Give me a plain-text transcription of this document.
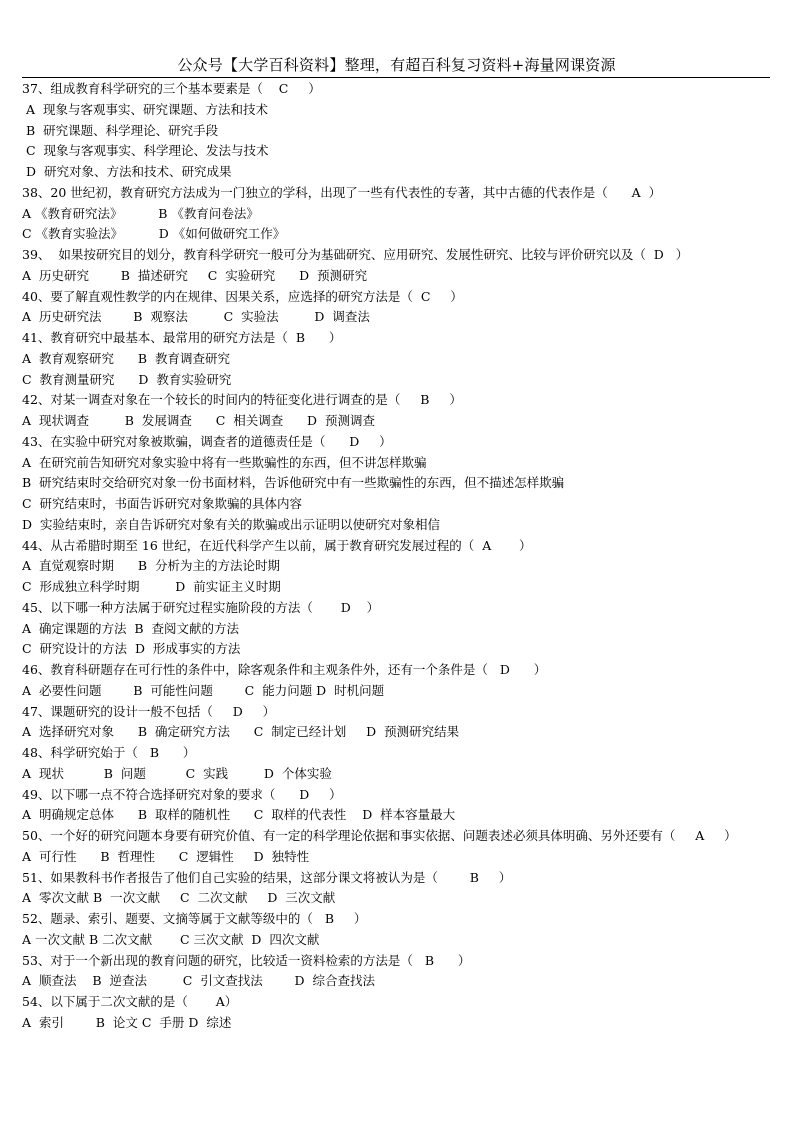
公众号【大学百科资料】整理，有超百科复习资料+海量网课资源
37、组成教育科学研究的三个基本要素是（    C     ）
A  现象与客观事实、研究课题、方法和技术
B  研究课题、科学理论、研究手段
C  现象与客观事实、科学理论、发法与技术
D  研究对象、方法和技术、研究成果
38、20 世纪初，教育研究方法成为一门独立的学科，出现了一些有代表性的专著，其中古德的代表作是（      A  ）
A 《教育研究法》         B 《教育问卷法》
C 《教育实验法》         D 《如何做研究工作》
39、  如果按研究目的划分，教育科学研究一般可分为基础研究、应用研究、发展性研究、比较与评价研究以及（  D   ）
A  历史研究        B  描述研究     C  实验研究      D  预测研究
40、要了解直观性教学的内在规律、因果关系，应选择的研究方法是（  C     ）
A  历史研究法        B  观察法         C  实验法         D  调查法
41、教育研究中最基本、最常用的研究方法是（  B      ）
A  教育观察研究      B  教育调查研究
C  教育测量研究      D  教育实验研究
42、对某一调查对象在一个较长的时间内的特征变化进行调查的是（     B     ）
A  现状调查         B  发展调查      C  相关调查      D  预测调查
43、在实验中研究对象被欺骗，调查者的道德责任是（      D     ）
A  在研究前告知研究对象实验中将有一些欺骗性的东西，但不讲怎样欺骗
B  研究结束时交给研究对象一份书面材料，告诉他研究中有一些欺骗性的东西，但不描述怎样欺骗
C  研究结束时，书面告诉研究对象欺骗的具体内容
D  实验结束时，亲自告诉研究对象有关的欺骗或出示证明以使研究对象相信
44、从古希腊时期至 16 世纪，在近代科学产生以前，属于教育研究发展过程的（  A       ）
A  直觉观察时期      B  分析为主的方法论时期
C  形成独立科学时期         D  前实证主义时期
45、以下哪一种方法属于研究过程实施阶段的方法（       D    ）
A  确定课题的方法  B  查阅文献的方法
C  研究设计的方法  D  形成事实的方法
46、教育科研题存在可行性的条件中，除客观条件和主观条件外，还有一个条件是（   D      ）
A  必要性问题        B  可能性问题        C  能力问题 D  时机问题
47、课题研究的设计一般不包括（     D     ）
A  选择研究对象      B  确定研究方法      C  制定已经计划     D  预测研究结果
48、科学研究始于（   B      ）
A  现状          B  问题          C  实践         D  个体实验
49、以下哪一点不符合选择研究对象的要求（      D     ）
A  明确规定总体      B  取样的随机性      C  取样的代表性    D  样本容量最大
50、一个好的研究问题本身要有研究价值、有一定的科学理论依据和事实依据、问题表述必须具体明确、另外还要有（     A     ）
A  可行性      B  哲理性      C  逻辑性     D  独特性
51、如果教科书作者报告了他们自己实验的结果，这部分课文将被认为是（        B     ）
A  零次文献 B  一次文献     C  二次文献     D  三次文献
52、题录、索引、题要、文摘等属于文献等级中的（   B     ）
A 一次文献 B 二次文献       C 三次文献  D  四次文献
53、对于一个新出现的教育问题的研究，比较适一资料检索的方法是（   B      ）
A  顺查法    B  逆查法         C  引文查找法        D  综合查找法
54、以下属于二次文献的是（       A）
A  索引        B  论文 C  手册 D  综述
